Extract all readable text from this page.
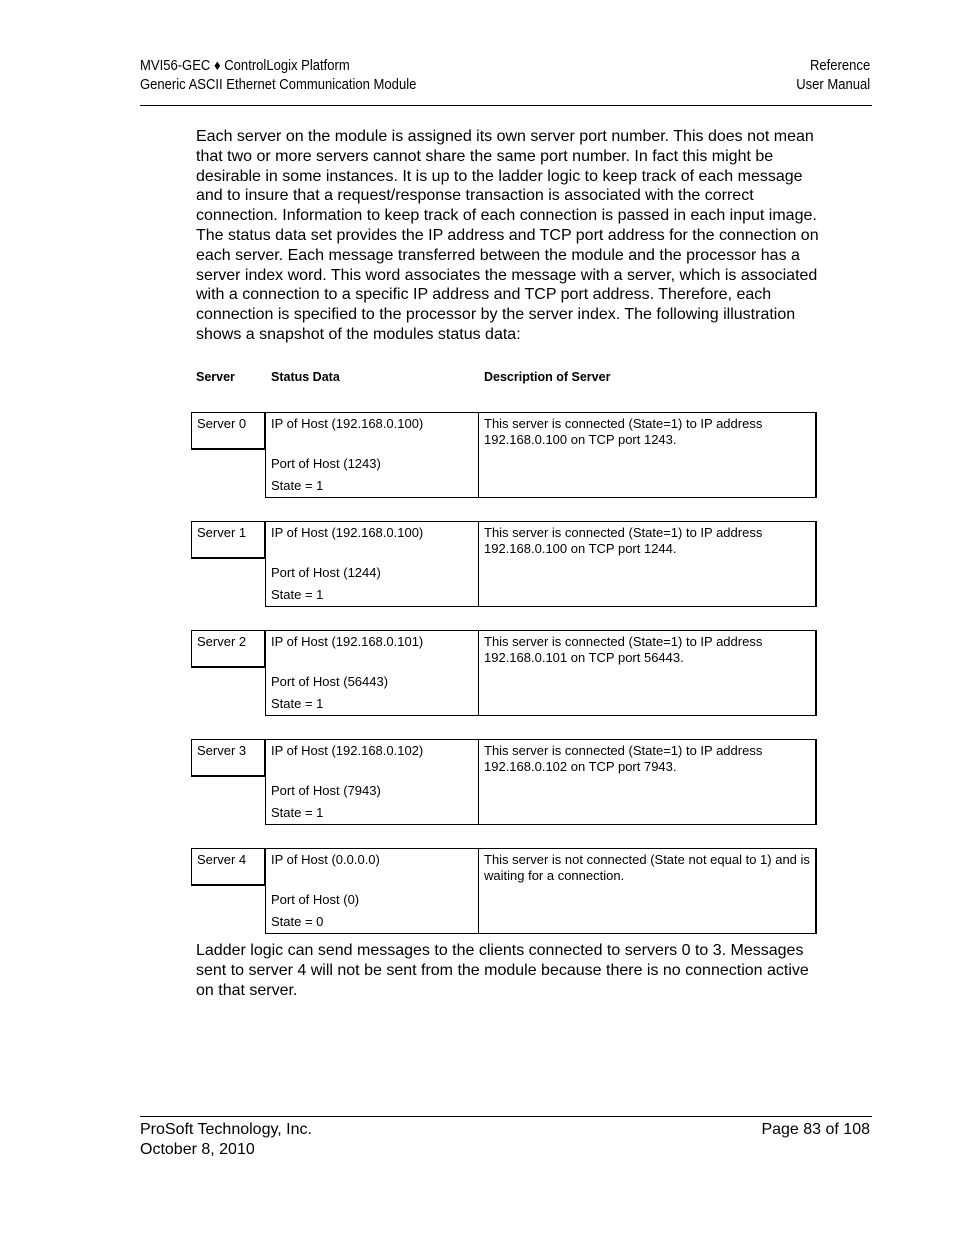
MVI56-GEC ♦ ControlLogix Platform
Generic ASCII Ethernet Communication Module
Reference
User Manual
Each server on the module is assigned its own server port number. This does not mean that two or more servers cannot share the same port number. In fact this might be desirable in some instances. It is up to the ladder logic to keep track of each message and to insure that a request/response transaction is associated with the correct connection. Information to keep track of each connection is passed in each input image. The status data set provides the IP address and TCP port address for the connection on each server. Each message transferred between the module and the processor has a server index word. This word associates the message with a server, which is associated with a connection to a specific IP address and TCP port address. Therefore, each connection is specified to the processor by the server index. The following illustration shows a snapshot of the modules status data:
Server	Status Data	Description of Server
Server 0	IP of Host (192.168.0.100)
Port of Host (1243)
State = 1
This server is connected (State=1) to IP address 192.168.0.100 on TCP port 1243.
Server 1	IP of Host (192.168.0.100)
Port of Host (1244)
State = 1
This server is connected (State=1) to IP address 192.168.0.100 on TCP port 1244.
Server 2	IP of Host (192.168.0.101)
Port of Host (56443)
State = 1
This server is connected (State=1) to IP address 192.168.0.101 on TCP port 56443.
Server 3	IP of Host (192.168.0.102)
Port of Host (7943)
State = 1
This server is connected (State=1) to IP address 192.168.0.102 on TCP port 7943.
Server 4	IP of Host (0.0.0.0)
Port of Host (0)
State = 0
This server is not connected (State not equal to 1) and is waiting for a connection.
Ladder logic can send messages to the clients connected to servers 0 to 3. Messages sent to server 4 will not be sent from the module because there is no connection active on that server.
ProSoft Technology, Inc.
October 8, 2010
Page 83 of 108
